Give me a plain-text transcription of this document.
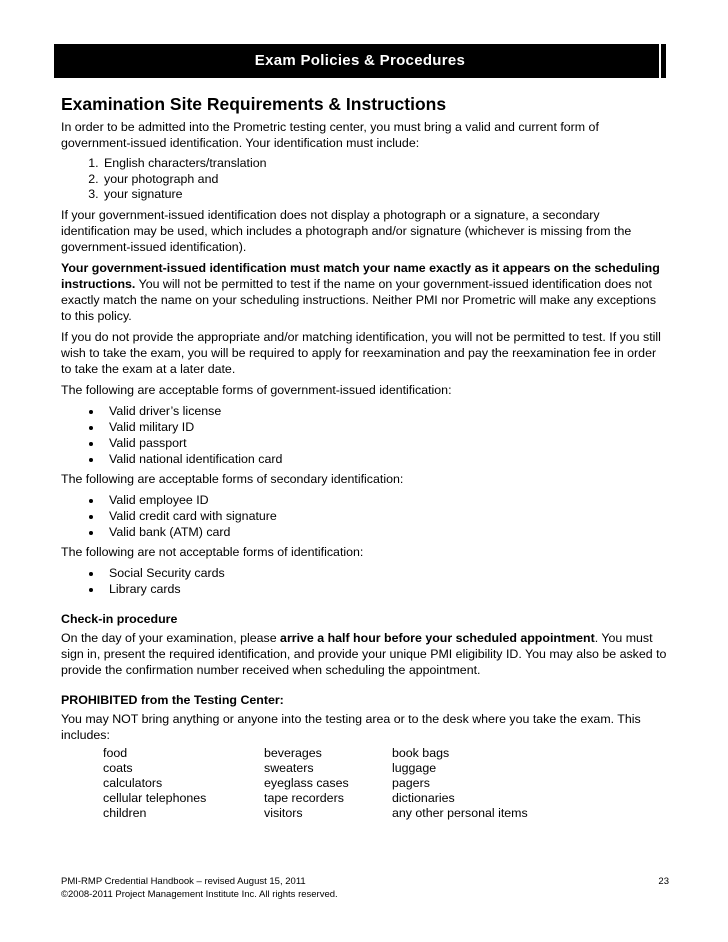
Exam Policies & Procedures
Examination Site Requirements & Instructions

In order to be admitted into the Prometric testing center, you must bring a valid and current form of government-issued identification. Your identification must include:

1. English characters/translation
2. your photograph and
3. your signature

If your government-issued identification does not display a photograph or a signature, a secondary identification may be used, which includes a photograph and/or signature (whichever is missing from the government-issued identification).

Your government-issued identification must match your name exactly as it appears on the scheduling instructions. You will not be permitted to test if the name on your government-issued identification does not exactly match the name on your scheduling instructions. Neither PMI nor Prometric will make any exceptions to this policy.

If you do not provide the appropriate and/or matching identification, you will not be permitted to test. If you still wish to take the exam, you will be required to apply for reexamination and pay the reexamination fee in order to take the exam at a later date.

The following are acceptable forms of government-issued identification:

• Valid driver’s license
• Valid military ID
• Valid passport
• Valid national identification card

The following are acceptable forms of secondary identification:

• Valid employee ID
• Valid credit card with signature
• Valid bank (ATM) card

The following are not acceptable forms of identification:

• Social Security cards
• Library cards
Check-in procedure

On the day of your examination, please arrive a half hour before your scheduled appointment. You must sign in, present the required identification, and provide your unique PMI eligibility ID. You may also be asked to provide the confirmation number received when scheduling the appointment.

PROHIBITED from the Testing Center:

You may NOT bring anything or anyone into the testing area or to the desk where you take the exam. This includes:

food	beverages	book bags
coats	sweaters	luggage
calculators	eyeglass cases	pagers
cellular telephones	tape recorders	dictionaries
children	visitors	any other personal items
PMI-RMP Credential Handbook – revised August 15, 2011
©2008-2011 Project Management Institute Inc. All rights reserved.
23
